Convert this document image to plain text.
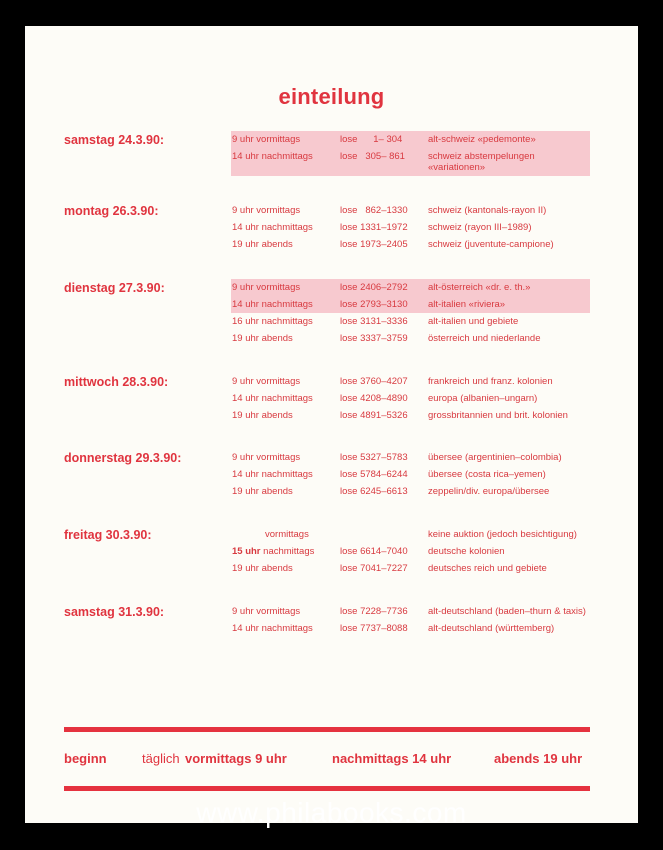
einteilung
samstag 24.3.90:	9 uhr vormittags	lose      1– 304	alt-schweiz «pedemonte»
14 uhr nachmittags	lose   305– 861 schweiz abstempelungen
«variationen»
montag 26.3.90:	9 uhr vormittags	lose   862–1330 schweiz (kantonals-rayon II)
14 uhr nachmittags	lose 1331–1972 schweiz (rayon III–1989)
19 uhr abends	lose 1973–2405 schweiz (juventute-campione)
dienstag 27.3.90:	9 uhr vormittags	lose 2406–2792 alt-österreich «dr. e. th.»
14 uhr nachmittags	lose 2793–3130 alt-italien «riviera»
16 uhr nachmittags	lose 3131–3336 alt-italien und gebiete
19 uhr abends	lose 3337–3759 österreich und niederlande
mittwoch 28.3.90:	9 uhr vormittags	lose 3760–4207 frankreich und franz. kolonien
14 uhr nachmittags	lose 4208–4890 europa (albanien–ungarn)
19 uhr abends	lose 4891–5326 grossbritannien und brit. kolonien
donnerstag 29.3.90:	9 uhr vormittags	lose 5327–5783 übersee (argentinien–colombia)
14 uhr nachmittags	lose 5784–6244 übersee (costa rica–yemen)
19 uhr abends	lose 6245–6613 zeppelin/div. europa/übersee
freitag 30.3.90:	vormittags	keine auktion (jedoch besichtigung)
15 uhr nachmittags	lose 6614–7040 deutsche kolonien
19 uhr abends	lose 7041–7227 deutsches reich und gebiete
samstag 31.3.90:	9 uhr vormittags	lose 7228–7736 alt-deutschland (baden–thurn & taxis)
14 uhr nachmittags	lose 7737–8088 alt-deutschland (württemberg)
beginn	täglich vormittags 9 uhr	nachmittags 14 uhr	abends 19 uhr
www.philabooks.com
